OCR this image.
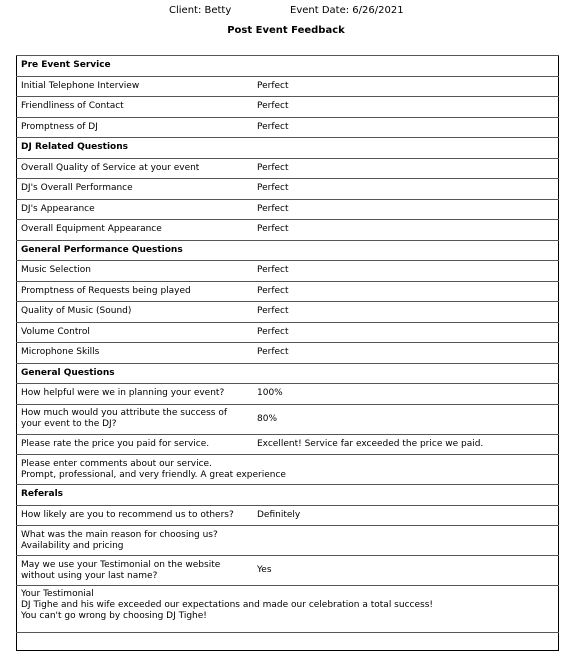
Client: Betty	Event Date: 6/26/2021
Post Event Feedback
Pre Event Service	
Initial Telephone Interview	Perfect
Friendliness of Contact	Perfect
Promptness of DJ	Perfect
DJ Related Questions	
Overall Quality of Service at your event	Perfect
DJ's Overall Performance	Perfect
DJ's Appearance	Perfect
Overall Equipment Appearance	Perfect
General Performance Questions	
Music Selection	Perfect
Promptness of Requests being played	Perfect
Quality of Music (Sound)	Perfect
Volume Control	Perfect
Microphone Skills	Perfect
General Questions	
How helpful were we in planning your event?	100%

How much would you attribute the success of
your event to the DJ?	80%
Please rate the price you paid for service.	Excellent! Service far exceeded the price we paid.

Please enter comments about our service.
Prompt, professional, and very friendly. A great experience	

Referals	
How likely are you to recommend us to others?	Definitely

What was the main reason for choosing us?
Availability and pricing	

May we use your Testimonial on the website
without using your last name?	Yes

Your Testimonial
DJ Tighe and his wife exceeded our expectations and made our celebration a total success!
You can't go wrong by choosing DJ Tighe!	
